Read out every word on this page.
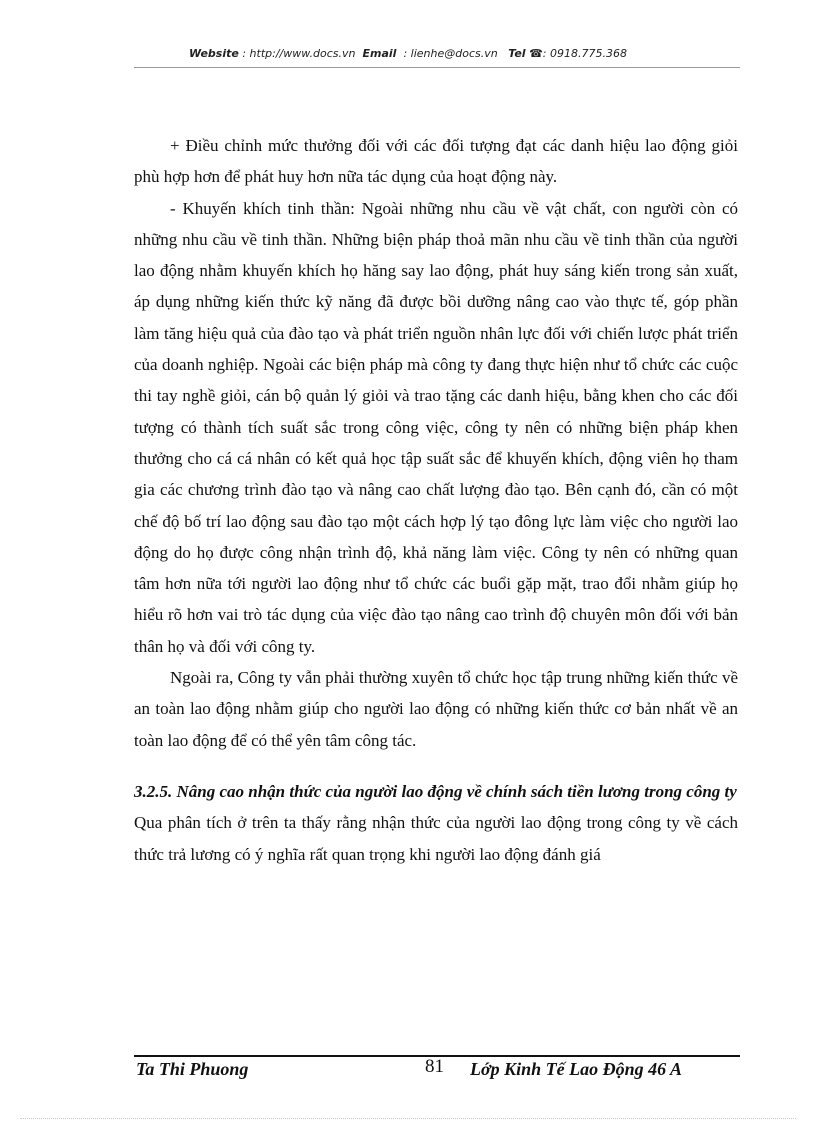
Website : http://www.docs.vn Email : lienhe@docs.vn Tel ☎: 0918.775.368

+ Điều chỉnh mức thưởng đối với các đối tượng đạt các danh hiệu lao động giỏi phù hợp hơn để phát huy hơn nữa tác dụng của hoạt động này.

- Khuyến khích tinh thần: Ngoài những nhu cầu về vật chất, con người còn có những nhu cầu về tinh thần. Những biện pháp thoả mãn nhu cầu về tinh thần của người lao động nhằm khuyến khích họ hăng say lao động, phát huy sáng kiến trong sản xuất, áp dụng những kiến thức kỹ năng đã được bồi dưỡng nâng cao vào thực tế, góp phần làm tăng hiệu quả của đào tạo và phát triển nguồn nhân lực đối với chiến lược phát triển của doanh nghiệp. Ngoài các biện pháp mà công ty đang thực hiện như tổ chức các cuộc thi tay nghề giỏi, cán bộ quản lý giỏi và trao tặng các danh hiệu, bằng khen cho các đối tượng có thành tích suất sắc trong công việc, công ty nên có những biện pháp khen thưởng cho cá cá nhân có kết quả học tập suất sắc để khuyến khích, động viên họ tham gia các chương trình đào tạo và nâng cao chất lượng đào tạo. Bên cạnh đó, cần có một chế độ bố trí lao động sau đào tạo một cách hợp lý tạo đông lực làm việc cho người lao động do họ được công nhận trình độ, khả năng làm việc. Công ty nên có những quan tâm hơn nữa tới người lao động như tổ chức các buổi gặp mặt, trao đổi nhằm giúp họ hiểu rõ hơn vai trò tác dụng của việc đào tạo nâng cao trình độ chuyên môn đối với bản thân họ và đối với công ty.

Ngoài ra, Công ty vẫn phải thường xuyên tổ chức học tập trung những kiến thức về an toàn lao động nhằm giúp cho người lao động có những kiến thức cơ bản nhất về an toàn lao động để có thể yên tâm công tác.

3.2.5. Nâng cao nhận thức của người lao động về chính sách tiền lương trong công ty

Qua phân tích ở trên ta thấy rằng nhận thức của người lao động trong công ty về cách thức trả lương có ý nghĩa rất quan trọng khi người lao động đánh giá

Ta Thi Phuong	81 Lớp Kinh Tế Lao Động 46 A
